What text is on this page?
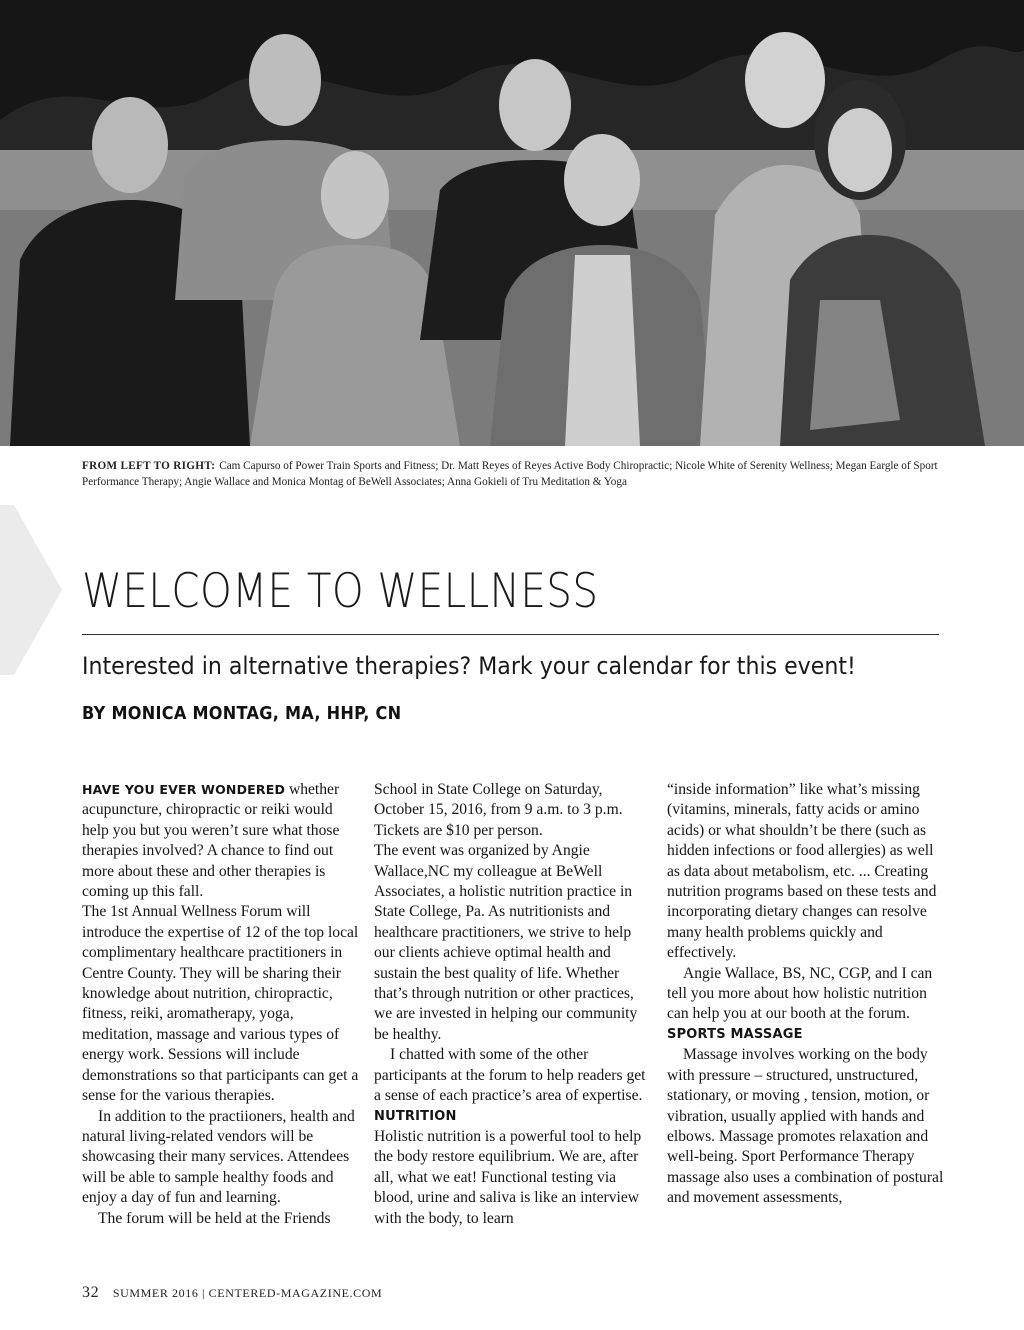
FROM LEFT TO RIGHT: Cam Capurso of Power Train Sports and Fitness; Dr. Matt Reyes of Reyes Active Body Chiropractic; Nicole White of Serenity Wellness; Megan Eargle of Sport Performance Therapy; Angie Wallace and Monica Montag of BeWell Associates; Anna Gokieli of Tru Meditation & Yoga
WELCOME TO WELLNESS
Interested in alternative therapies? Mark your calendar for this event!
BY MONICA MONTAG, MA, HHP, CN

HAVE YOU EVER WONDERED whether acupuncture, chiropractic or reiki would help you but you weren’t sure what those therapies involved? A chance to find out more about these and other therapies is coming up this fall.

The 1st Annual Wellness Forum will introduce the expertise of 12 of the top local complimentary healthcare practitioners in Centre County. They will be sharing their knowledge about nutrition, chiropractic, fitness, reiki, aromatherapy, yoga, meditation, massage and various types of energy work. Sessions will include demonstrations so that participants can get a sense for the various therapies.

In addition to the practiioners, health and natural living-related vendors will be showcasing their many services. Attendees will be able to sample healthy foods and enjoy a day of fun and learning.

The forum will be held at the Friends

School in State College on Saturday, October 15, 2016, from 9 a.m. to 3 p.m. Tickets are $10 per person.

The event was organized by Angie Wallace,NC my colleague at BeWell Associates, a holistic nutrition practice in State College, Pa. As nutritionists and healthcare practitioners, we strive to help our clients achieve optimal health and sustain the best quality of life. Whether that’s through nutrition or other practices, we are invested in helping our community be healthy.

I chatted with some of the other participants at the forum to help readers get a sense of each practice’s area of expertise.

NUTRITION

Holistic nutrition is a powerful tool to help the body restore equilibrium. We are, after all, what we eat! Functional testing via blood, urine and saliva is like an interview with the body, to learn

“inside information” like what’s missing (vitamins, minerals, fatty acids or amino acids) or what shouldn’t be there (such as hidden infections or food allergies) as well as data about metabolism, etc. ... Creating nutrition programs based on these tests and incorporating dietary changes can resolve many health problems quickly and effectively.

Angie Wallace, BS, NC, CGP, and I can tell you more about how holistic nutrition can help you at our booth at the forum.

SPORTS MASSAGE

Massage involves working on the body with pressure – structured, unstructured, stationary, or moving , tension, motion, or vibration, usually applied with hands and elbows. Massage promotes relaxation and well-being. Sport Performance Therapy massage also uses a combination of postural and movement assessments,

32 SUMMER 2016 | CENTERED-MAGAZINE.COM
